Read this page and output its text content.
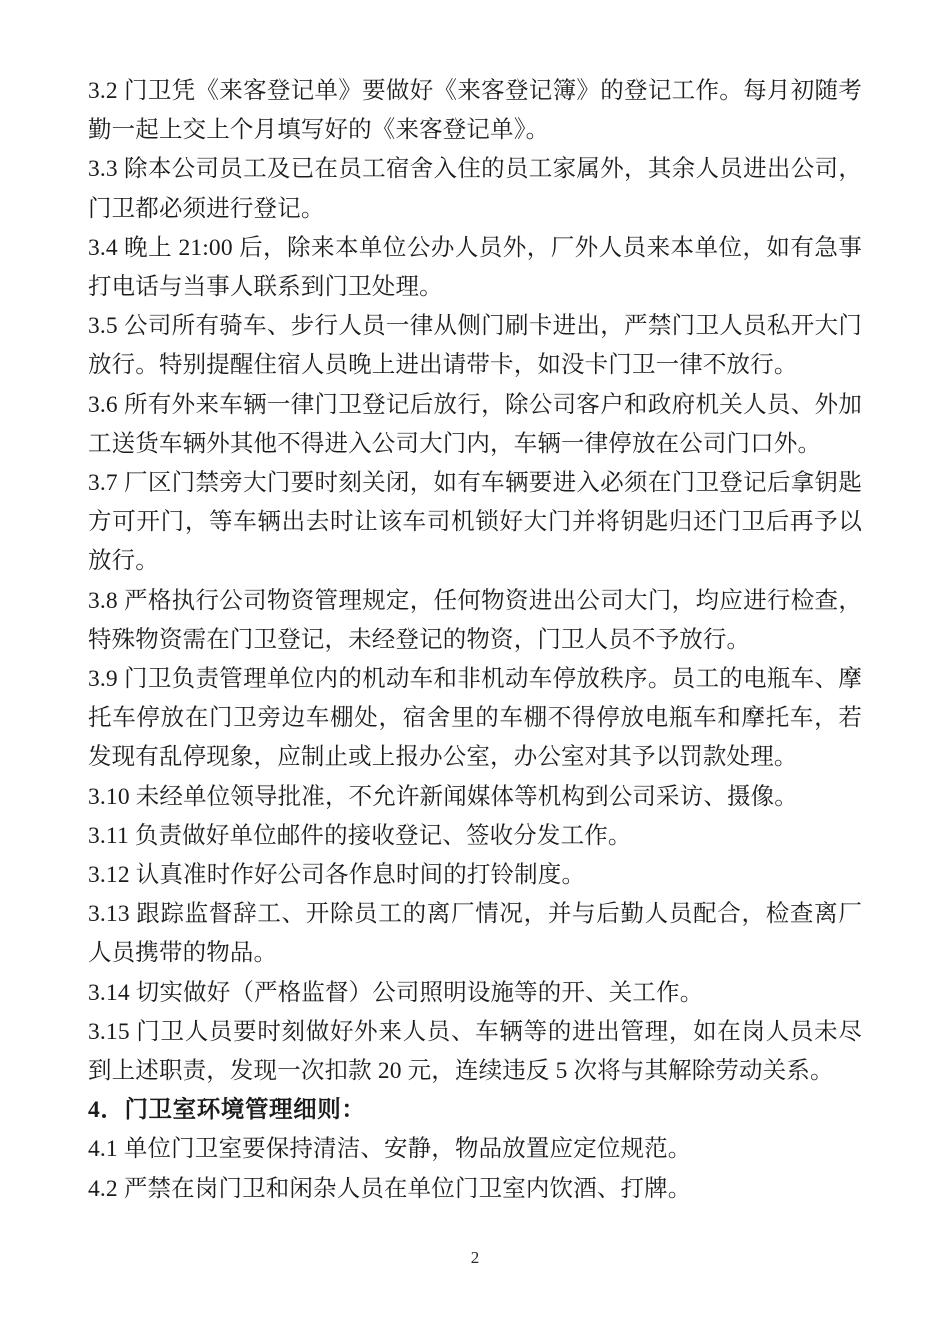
3.2 门卫凭《来客登记单》要做好《来客登记簿》的登记工作。每月初随考勤一起上交上个月填写好的《来客登记单》。

3.3 除本公司员工及已在员工宿舍入住的员工家属外，其余人员进出公司，门卫都必须进行登记。

3.4 晚上 21:00 后，除来本单位公办人员外，厂外人员来本单位，如有急事打电话与当事人联系到门卫处理。

3.5 公司所有骑车、步行人员一律从侧门刷卡进出，严禁门卫人员私开大门放行。特别提醒住宿人员晚上进出请带卡，如没卡门卫一律不放行。

3.6 所有外来车辆一律门卫登记后放行，除公司客户和政府机关人员、外加工送货车辆外其他不得进入公司大门内，车辆一律停放在公司门口外。

3.7 厂区门禁旁大门要时刻关闭，如有车辆要进入必须在门卫登记后拿钥匙方可开门，等车辆出去时让该车司机锁好大门并将钥匙归还门卫后再予以放行。

3.8 严格执行公司物资管理规定，任何物资进出公司大门，均应进行检查，特殊物资需在门卫登记，未经登记的物资，门卫人员不予放行。

3.9 门卫负责管理单位内的机动车和非机动车停放秩序。员工的电瓶车、摩托车停放在门卫旁边车棚处，宿舍里的车棚不得停放电瓶车和摩托车，若发现有乱停现象，应制止或上报办公室，办公室对其予以罚款处理。

3.10 未经单位领导批准，不允许新闻媒体等机构到公司采访、摄像。

3.11 负责做好单位邮件的接收登记、签收分发工作。

3.12 认真准时作好公司各作息时间的打铃制度。

3.13 跟踪监督辞工、开除员工的离厂情况，并与后勤人员配合，检查离厂人员携带的物品。

3.14 切实做好（严格监督）公司照明设施等的开、关工作。

3.15 门卫人员要时刻做好外来人员、车辆等的进出管理，如在岗人员未尽到上述职责，发现一次扣款 20 元，连续违反 5 次将与其解除劳动关系。

4．门卫室环境管理细则：

4.1 单位门卫室要保持清洁、安静，物品放置应定位规范。

4.2 严禁在岗门卫和闲杂人员在单位门卫室内饮酒、打牌。

2
